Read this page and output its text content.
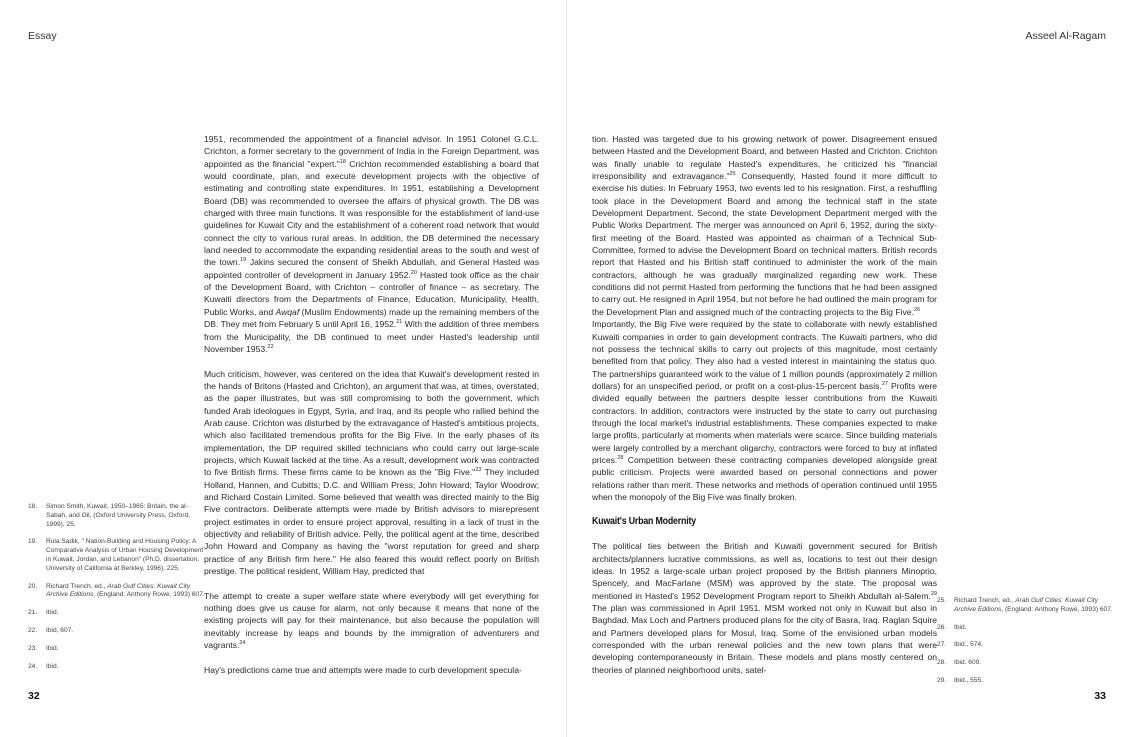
Essay

1951, recommended the appointment of a financial advisor. In 1951 Colonel G.C.L. Crichton, a former secretary to the government of India in the Foreign Department, was appointed as the financial "expert."$^{18}$ Crichton recommended establishing a board that would coordinate, plan, and execute development projects with the objective of estimating and controlling state expenditures. In 1951, establishing a Development Board (DB) was recommended to oversee the affairs of physical growth. The DB was charged with three main functions. It was responsible for the establishment of land-use guidelines for Kuwait City and the establishment of a coherent road network that would connect the city to various rural areas. In addition, the DB determined the necessary land needed to accommodate the expanding residential areas to the south and west of the town.$^{19}$ Jakins secured the consent of Sheikh Abdullah, and General Hasted was appointed controller of development in January 1952.20 Hasted took office as the chair of the Development Board, with Crichton – controller of finance – as secretary. The Kuwaiti directors from the Departments of Finance, Education, Municipality, Health, Public Works, and Awqaf (Muslim Endowments) made up the remaining members of the DB. They met from February 5 until April 16, 1952.21 With the addition of three members from the Municipality, the DB continued to meet under Hasted's leadership until November 1953.22

Much criticism, however, was centered on the idea that Kuwait's development rested in the hands of Britons (Hasted and Crichton), an argument that was, at times, overstated, as the paper illustrates, but was still compromising to both the government, which funded Arab ideologues in Egypt, Syria, and Iraq, and its people who rallied behind the Arab cause. Crichton was disturbed by the extravagance of Hasted's ambitious projects, which also facilitated tremendous profits for the Big Five. In the early phases of its implementation, the DP required skilled technicians who could carry out large-scale projects, which Kuwait lacked at the time. As a result, development work was contracted to five British firms. These firms came to be known as the "Big Five."$^{23}$ They included Holland, Hannen, and Cubitts; D.C. and William Press; John Howard; Taylor Woodrow; and Richard Costain Limited. Some believed that wealth was directed mainly to the Big Five contractors. Deliberate attempts were made by British advisors to misrepresent project estimates in order to ensure project approval, resulting in a lack of trust in the objectivity and reliability of British advice. Pelly, the political agent at the time, described John Howard and Company as having the "worst reputation for greed and sharp practice of any British firm here." He also feared this would reflect poorly on British prestige. The political resident, William Hay, predicted that

The attempt to create a super welfare state where everybody will get everything for nothing does give us cause for alarm, not only because it means that none of the existing projects will pay for their maintenance, but also because the population will inevitably increase by leaps and bounds by the immigration of adventurers and vagrants.$^{24}$

Hay's predictions came true and attempts were made to curb development specula-

18.	Simon Smith, Kuwait, 1950–1965: Britain, the al-Sabah, and Oil, (Oxford University Press, Oxford, 1999), 25.
19.	Rula Sadik, " Nation-Building and Housing Policy: A Comparative Analysis of Urban Housing Development in Kuwait, Jordan, and Lebanon" (Ph.D. dissertation, University of California at Berkley, 1996), 225.
20.	Richard Trench, ed., Arab Gulf Cities: Kuwait City Archive Editions, (England: Anthony Rowe, 1993) 607.
21.	Ibid.
22.	Ibid, 607.
23.	Ibid.
24.	Ibid.
32
Asseel Al-Ragam

tion. Hasted was targeted due to his growing network of power. Disagreement ensued between Hasted and the Development Board, and between Hasted and Crichton. Crichton was finally unable to regulate Hasted's expenditures, he criticized his "financial irresponsibility and extravagance."$^{25}$ Consequently, Hasted found it more difficult to exercise his duties. In February 1953, two events led to his resignation. First, a reshuffling took place in the Development Board and among the technical staff in the state Development Department. Second, the state Development Department merged with the Public Works Department. The merger was announced on April 6, 1952, during the sixty-first meeting of the Board. Hasted was appointed as chairman of a Technical Sub-Committee, formed to advise the Development Board on technical matters. British records report that Hasted and his British staff continued to administer the work of the main contractors, although he was gradually marginalized regarding new work. These conditions did not permit Hasted from performing the functions that he had been assigned to carry out. He resigned in April 1954, but not before he had outlined the main program for the Development Plan and assigned much of the contracting projects to the Big Five.$^{26}$

Importantly, the Big Five were required by the state to collaborate with newly established Kuwaiti companies in order to gain development contracts. The Kuwaiti partners, who did not possess the technical skills to carry out projects of this magnitude, most certainly benefited from that policy. They also had a vested interest in maintaining the status quo. The partnerships guaranteed work to the value of 1 million pounds (approximately 2 million dollars) for an unspecified period, or profit on a cost-plus-15-percent basis.$^{27}$ Profits were divided equally between the partners despite lesser contributions from the Kuwaiti contractors. In addition, contractors were instructed by the state to carry out purchasing through the local market's industrial establishments. These companies expected to make large profits, particularly at moments when materials were scarce. Since building materials were largely controlled by a merchant oligarchy, contractors were forced to buy at inflated prices.$^{28}$ Competition between these contracting companies developed alongside great public criticism. Projects were awarded based on personal connections and power relations rather than merit. These networks and methods of operation continued until 1955 when the monopoly of the Big Five was finally broken.

Kuwait's Urban Modernity

The political ties between the British and Kuwaiti government secured for British architects/planners lucrative commissions, as well as, locations to test out their design ideas. In 1952 a large-scale urban project proposed by the British planners Minoprio, Spencely, and MacFarlane (MSM) was approved by the state. The proposal was mentioned in Hasted's 1952 Development Program report to Sheikh Abdullah al-Salem.$^{29}$ The plan was commissioned in April 1951. MSM worked not only in Kuwait but also in Baghdad. Max Loch and Partners produced plans for the city of Basra, Iraq. Raglan Squire and Partners developed plans for Mosul, Iraq. Some of the envisioned urban models corresponded with the urban renewal policies and the new town plans that were developing contemporaneously in Britain. These models and plans mostly centered on theories of planned neighborhood units, satel-

25.	Richard Trench, ed., Arab Gulf Cities: Kuwait City Archive Editions, (England: Anthony Rowe, 1993) 607.
26.	Ibid.
27.	Ibid., 574.
28.	Ibid. 609.
29.	Ibid., 555.
33
